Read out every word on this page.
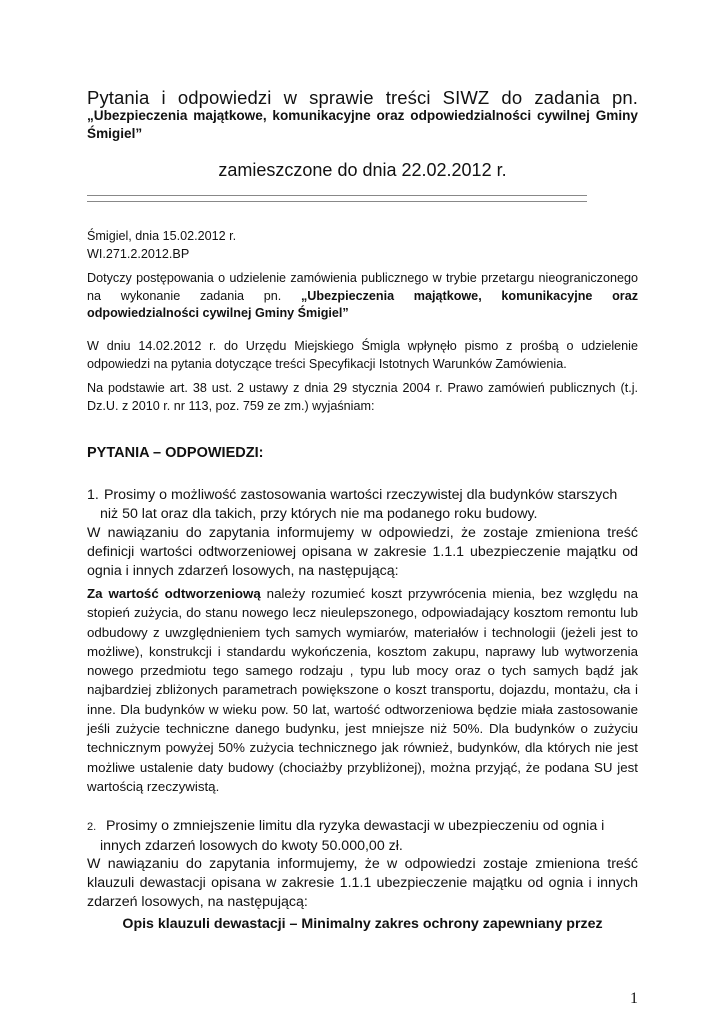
Pytania i odpowiedzi w sprawie treści SIWZ do zadania pn.

„Ubezpieczenia majątkowe, komunikacyjne oraz odpowiedzialności cywilnej Gminy Śmigiel”

zamieszczone do dnia 22.02.2012 r.

Śmigiel, dnia 15.02.2012 r.
WI.271.2.2012.BP

Dotyczy postępowania o udzielenie zamówienia publicznego w trybie przetargu nieograniczonego na wykonanie zadania pn. „Ubezpieczenia majątkowe, komunikacyjne oraz odpowiedzialności cywilnej Gminy Śmigiel”

W dniu 14.02.2012 r. do Urzędu Miejskiego Śmigla wpłynęło pismo z prośbą o udzielenie odpowiedzi na pytania dotyczące treści Specyfikacji Istotnych Warunków Zamówienia.

Na podstawie art. 38 ust. 2 ustawy z dnia 29 stycznia 2004 r. Prawo zamówień publicznych (t.j. Dz.U. z 2010 r. nr 113, poz. 759 ze zm.) wyjaśniam:

PYTANIA – ODPOWIEDZI:

1. Prosimy o możliwość zastosowania wartości rzeczywistej dla budynków starszych
niż 50 lat oraz dla takich, przy których nie ma podanego roku budowy.

W nawiązaniu do zapytania informujemy w odpowiedzi, że zostaje zmieniona treść definicji wartości odtworzeniowej opisana w zakresie 1.1.1 ubezpieczenie majątku od ognia i innych zdarzeń losowych, na następującą:

Za wartość odtworzeniową należy rozumieć koszt przywrócenia mienia, bez względu na stopień zużycia, do stanu nowego lecz nieulepszonego, odpowiadający kosztom remontu lub odbudowy z uwzględnieniem tych samych wymiarów, materiałów i technologii (jeżeli jest to możliwe), konstrukcji i standardu wykończenia, kosztom zakupu, naprawy lub wytworzenia nowego przedmiotu tego samego rodzaju , typu lub mocy oraz o tych samych bądź jak najbardziej zbliżonych parametrach powiększone o koszt transportu, dojazdu, montażu, cła i inne. Dla budynków w wieku pow. 50 lat, wartość odtworzeniowa będzie miała zastosowanie jeśli zużycie techniczne danego budynku, jest mniejsze niż 50%. Dla budynków o zużyciu technicznym powyżej 50% zużycia technicznego jak również, budynków, dla których nie jest możliwe ustalenie daty budowy (chociażby przybliżonej), można przyjąć, że podana SU jest wartością rzeczywistą.

2. Prosimy o zmniejszenie limitu dla ryzyka dewastacji w ubezpieczeniu od ognia i
innych zdarzeń losowych do kwoty 50.000,00 zł.

W nawiązaniu do zapytania informujemy, że w odpowiedzi zostaje zmieniona treść klauzuli dewastacji opisana w zakresie 1.1.1 ubezpieczenie majątku od ognia i innych zdarzeń losowych, na następującą:

Opis klauzuli dewastacji – Minimalny zakres ochrony zapewniany przez

1
